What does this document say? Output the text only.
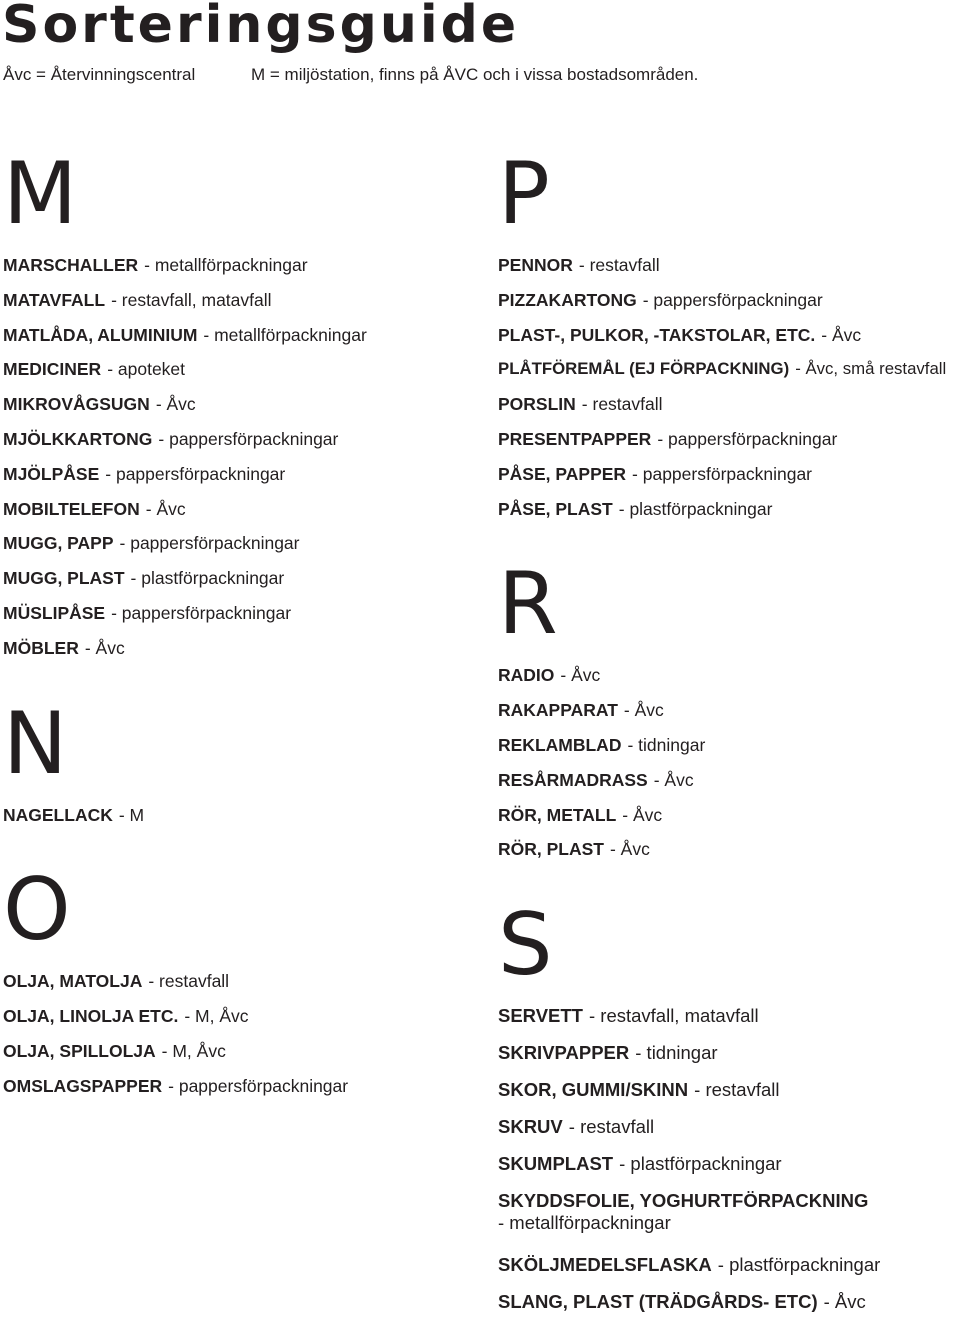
Sorteringsguide
Åvc = Återvinningscentral	M = miljöstation, finns på ÅVC och i vissa bostadsområden.
M
MARSCHALLER - metallförpackningar
MATAVFALL - restavfall, matavfall
MATLÅDA, ALUMINIUM - metallförpackningar
MEDICINER - apoteket
MIKROVÅGSUGN - Åvc
MJÖLKKARTONG - pappersförpackningar
MJÖLPÅSE - pappersförpackningar
MOBILTELEFON - Åvc
MUGG, PAPP - pappersförpackningar
MUGG, PLAST - plastförpackningar
MÜSLIPÅSE - pappersförpackningar
MÖBLER - Åvc
N
NAGELLACK - M
O
OLJA, MATOLJA - restavfall
OLJA, LINOLJA ETC. - M, Åvc
OLJA, SPILLOLJA - M, Åvc
OMSLAGSPAPPER - pappersförpackningar
P
PENNOR - restavfall
PIZZAKARTONG - pappersförpackningar
PLAST-, PULKOR, -TAKSTOLAR, ETC. - Åvc
PLÅTFÖREMÅL (EJ FÖRPACKNING) - Åvc, små restavfall
PORSLIN - restavfall
PRESENTPAPPER - pappersförpackningar
PÅSE, PAPPER - pappersförpackningar
PÅSE, PLAST - plastförpackningar
R
RADIO - Åvc
RAKAPPARAT - Åvc
REKLAMBLAD - tidningar
RESÅRMADRASS - Åvc
RÖR, METALL - Åvc
RÖR, PLAST - Åvc
S
SERVETT - restavfall, matavfall
SKRIVPAPPER - tidningar
SKOR, GUMMI/SKINN - restavfall
SKRUV - restavfall
SKUMPLAST - plastförpackningar
SKYDDSFOLIE, YOGHURTFÖRPACKNING
- metallförpackningar
SKÖLJMEDELSFLASKA - plastförpackningar
SLANG, PLAST (TRÄDGÅRDS- ETC) - Åvc
